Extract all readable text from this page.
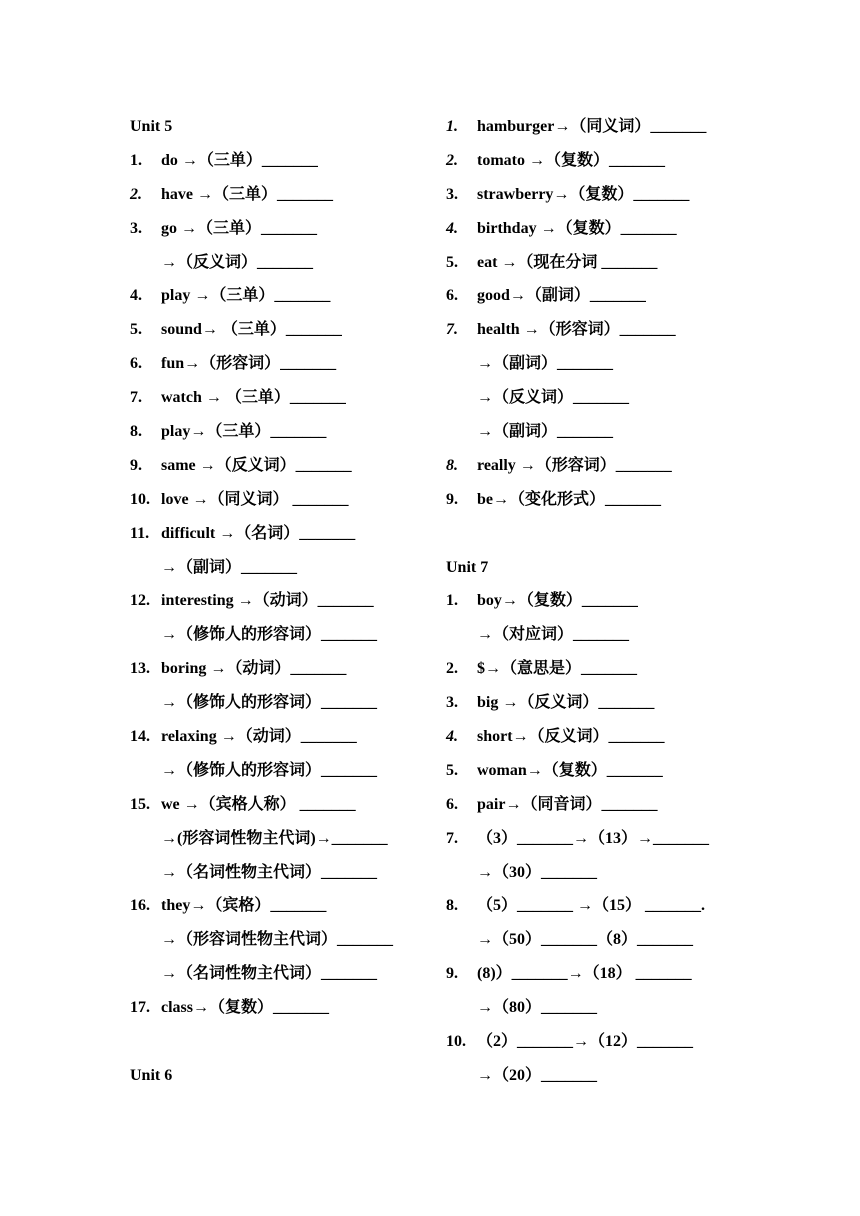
Unit 5
1. do →（三单）_______
2. have →（三单）_______
3. go →（三单）_______
→（反义词）_______
4. play →（三单）_______
5. sound→ （三单）_______
6. fun→（形容词）_______
7. watch → （三单）_______
8. play→（三单）_______
9. same →（反义词）_______
10. love →（同义词） _______
11. difficult →（名词）_______
→（副词）_______
12. interesting →（动词）_______
→（修饰人的形容词）_______
13. boring →（动词）_______
→（修饰人的形容词）_______
14. relaxing →（动词）_______
→（修饰人的形容词）_______
15. we →（宾格人称） _______
→(形容词性物主代词)→_______
→（名词性物主代词）_______
16. they→（宾格）_______
→（形容词性物主代词）_______
→（名词性物主代词）_______
17. class→（复数）_______
Unit 6
1. hamburger→（同义词）_______
2. tomato →（复数）_______
3. strawberry→（复数）_______
4. birthday →（复数）_______
5. eat →（现在分词 _______
6. good→（副词）_______
7. health →（形容词）_______
→（副词）_______
→（反义词）_______
→（副词）_______
8. really →（形容词）_______
9. be→（变化形式）_______
Unit 7
1. boy→（复数）_______
→（对应词）_______
2. $→（意思是）_______
3. big →（反义词）_______
4. short→（反义词）_______
5. woman→（复数）_______
6. pair→（同音词）_______
7. （3）_______→（13）→_______
→（30）_______
8. （5）_______ →（15） _______.
→（50）_______（8）_______
9. (8)）_______→（18） _______
→（80）_______
10. （2）_______→（12）_______
→（20）_______
